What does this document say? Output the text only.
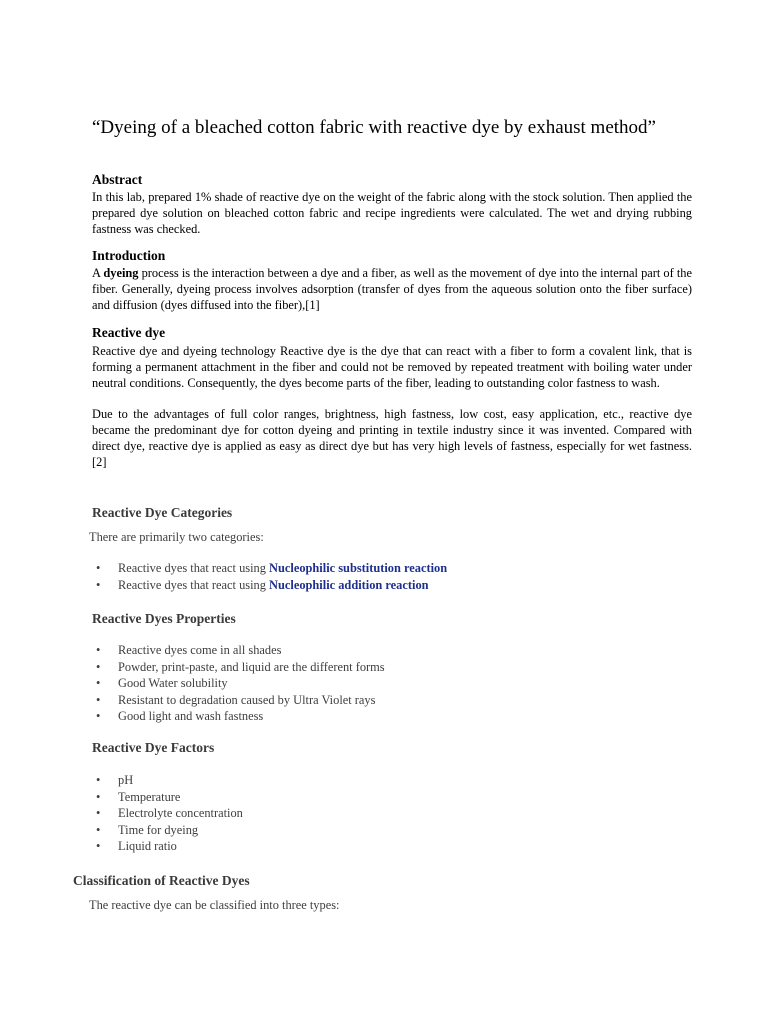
“Dyeing of a bleached cotton fabric with reactive dye by exhaust method”
Abstract
In this lab, prepared 1% shade of reactive dye on the weight of the fabric along with the stock solution. Then applied the prepared dye solution on bleached cotton fabric and recipe ingredients were calculated. The wet and drying rubbing fastness was checked.
Introduction
A dyeing process is the interaction between a dye and a fiber, as well as the movement of dye into the internal part of the fiber. Generally, dyeing process involves adsorption (transfer of dyes from the aqueous solution onto the fiber surface) and diffusion (dyes diffused into the fiber),[1]
Reactive dye
Reactive dye and dyeing technology Reactive dye is the dye that can react with a fiber to form a covalent link, that is forming a permanent attachment in the fiber and could not be removed by repeated treatment with boiling water under neutral conditions. Consequently, the dyes become parts of the fiber, leading to outstanding color fastness to wash.
Due to the advantages of full color ranges, brightness, high fastness, low cost, easy application, etc., reactive dye became the predominant dye for cotton dyeing and printing in textile industry since it was invented. Compared with direct dye, reactive dye is applied as easy as direct dye but has very high levels of fastness, especially for wet fastness.[2]
Reactive Dye Categories
There are primarily two categories:
• Reactive dyes that react using Nucleophilic substitution reaction
• Reactive dyes that react using Nucleophilic addition reaction
Reactive Dyes Properties
• Reactive dyes come in all shades
• Powder, print-paste, and liquid are the different forms
• Good Water solubility
• Resistant to degradation caused by Ultra Violet rays
• Good light and wash fastness
Reactive Dye Factors
• pH
• Temperature
• Electrolyte concentration
• Time for dyeing
• Liquid ratio
Classification of Reactive Dyes
The reactive dye can be classified into three types:
